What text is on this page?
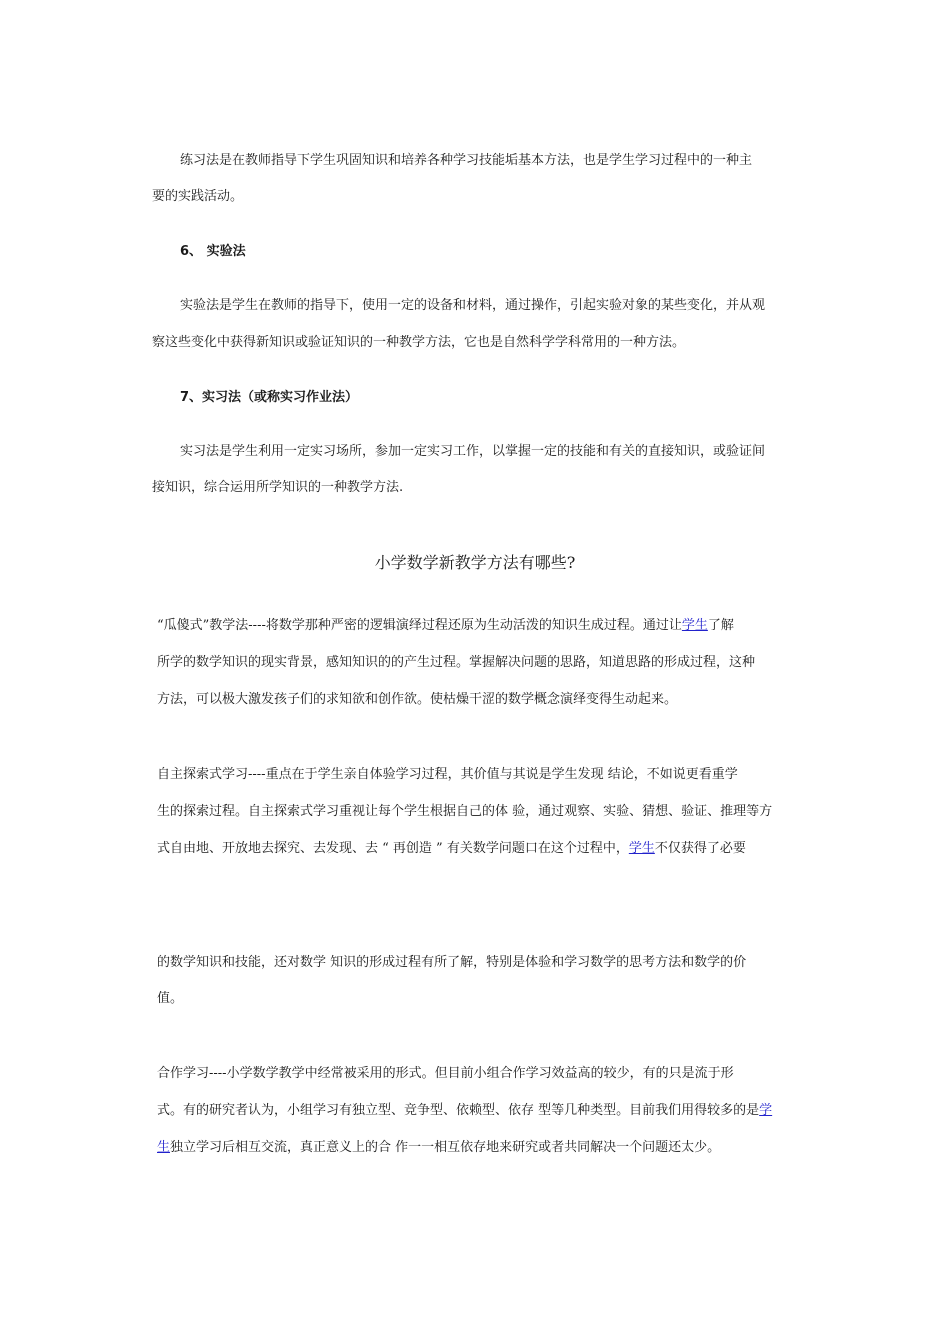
练习法是在教师指导下学生巩固知识和培养各种学习技能垢基本方法，也是学生学习过程中的一种主
要的实践活动。
6、 实验法
实验法是学生在教师的指导下，使用一定的设备和材料，通过操作，引起实验对象的某些变化，并从观
察这些变化中获得新知识或验证知识的一种教学方法，它也是自然科学学科常用的一种方法。
7、实习法（或称实习作业法）
实习法是学生利用一定实习场所，参加一定实习工作，以掌握一定的技能和有关的直接知识，或验证间
接知识，综合运用所学知识的一种教学方法.
小学数学新教学方法有哪些?
“瓜傻式”教学法----将数学那种严密的逻辑演绎过程还原为生动活泼的知识生成过程。通过让学生了解
所学的数学知识的现实背景，感知知识的的产生过程。掌握解决问题的思路，知道思路的形成过程，这种
方法，可以极大激发孩子们的求知欲和创作欲。使枯燥干涩的数学概念演绎变得生动起来。
自主探索式学习----重点在于学生亲自体验学习过程，其价值与其说是学生发现 结论，不如说更看重学
生的探索过程。自主探索式学习重视让每个学生根据自己的体 验，通过观察、实验、猜想、验证、推理等方
式自由地、开放地去探究、去发现、去 “ 再创造 ” 有关数学问题口在这个过程中，学生不仅获得了必要
的数学知识和技能，还对数学 知识的形成过程有所了解，特别是体验和学习数学的思考方法和数学的价
值。
合作学习----小学数学教学中经常被采用的形式。但目前小组合作学习效益高的较少，有的只是流于形
式。有的研究者认为，小组学习有独立型、竞争型、依赖型、依存 型等几种类型。目前我们用得较多的是学
生独立学习后相互交流，真正意义上的合 作一一相互依存地来研究或者共同解决一个问题还太少。
